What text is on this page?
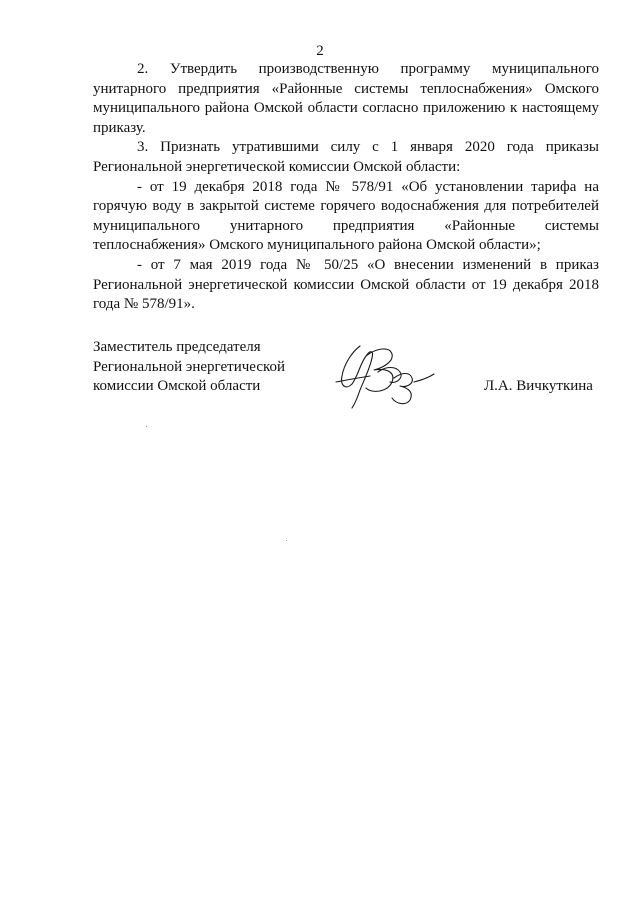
2

2. Утвердить производственную программу муниципального унитарного предприятия «Районные системы теплоснабжения» Омского муниципального района Омской области согласно приложению к настоящему приказу.

3. Признать утратившими силу с 1 января 2020 года приказы Региональной энергетической комиссии Омской области:

- от 19 декабря 2018 года № 578/91 «Об установлении тарифа на горячую воду в закрытой системе горячего водоснабжения для потребителей муниципального унитарного предприятия «Районные системы теплоснабжения» Омского муниципального района Омской области»;

- от 7 мая 2019 года № 50/25 «О внесении изменений в приказ Региональной энергетической комиссии Омской области от 19 декабря 2018 года № 578/91».

Заместитель председателя
Региональной энергетической
комиссии Омской области	Л.А. Вичкуткина
